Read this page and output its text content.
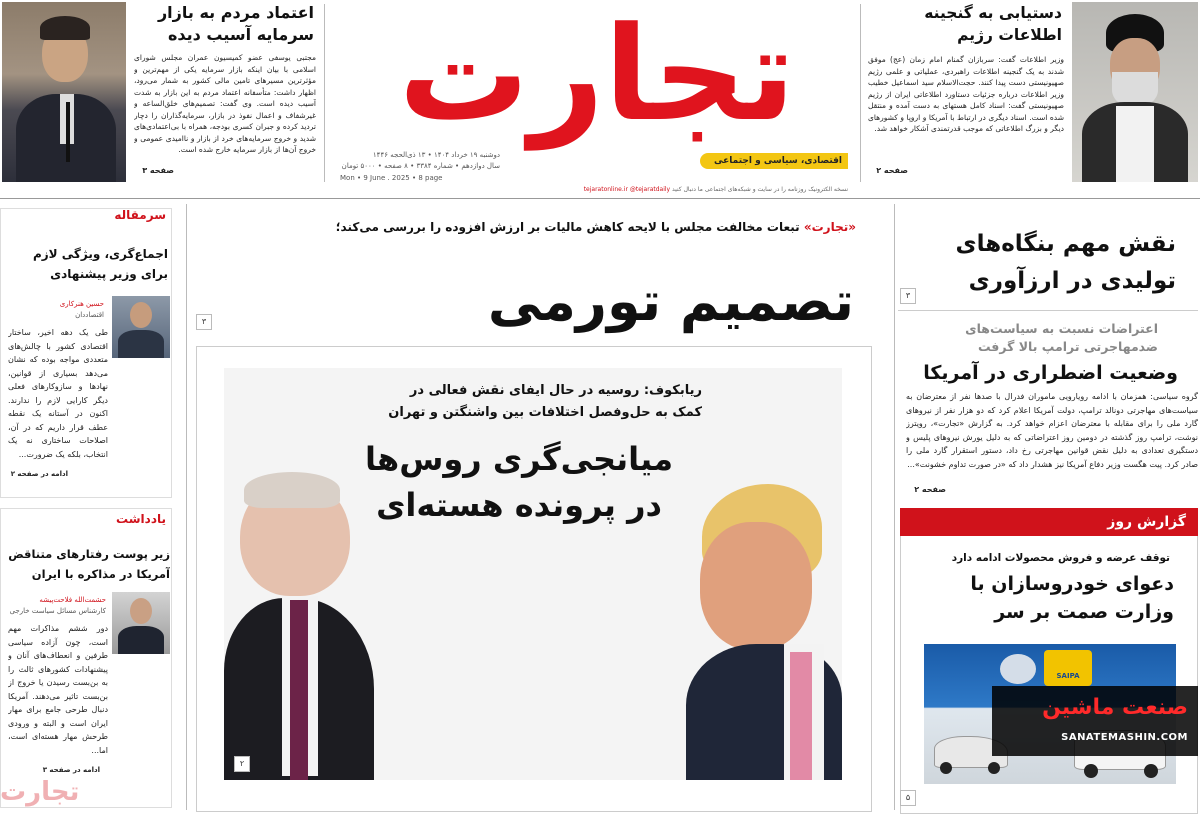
اعتماد مردم به بازار سرمایه آسیب دیده
مجتبی یوسفی عضو کمیسیون عمران مجلس شورای اسلامی با بیان اینکه بازار سرمایه یکی از مهم‌ترین و مؤثرترین مسیرهای تامین مالی کشور به شمار می‌رود، اظهار داشت: متأسفانه اعتماد مردم به این بازار به شدت آسیب دیده است. وی گفت: تصمیم‌های خلق‌الساعه و غیرشفاف و اعمال نفوذ در بازار، سرمایه‌گذاران را دچار تردید کرده و جبران کسری بودجه، همراه با بی‌اعتمادی‌های شدید و خروج سرمایه‌های خرد از بازار و ناامیدی عمومی و خروج آن‌ها از بازار سرمایه خارج شده است.
صفحه ۳
تجارت
اقتصادی، سیاسی و اجتماعی
دوشنبه ۱۹ خرداد ۱۴۰۴ • ۱۳ ذی‌الحجه ۱۴۴۶
سال دوازدهم • شماره ۳۳۸۴ • ۸ صفحه • ۵۰۰۰ تومان
Mon • 9 June . 2025 • 8 page
نسخه الکترونیک روزنامه را در سایت و شبکه‌های اجتماعی ما دنبال کنید tejaratonline.ir @tejaratdaily
دستیابی به گنجینه اطلاعات رژیم
وزیر اطلاعات گفت: سربازان گمنام امام زمان (عج) موفق شدند به یک گنجینه اطلاعات راهبردی، عملیاتی و علمی رژیم صهیونیستی دست پیدا کنند. حجت‌الاسلام سید اسماعیل خطیب وزیر اطلاعات درباره جزئیات دستاورد اطلاعاتی ایران از رژیم صهیونیستی گفت: اسناد کامل هستهای به دست آمده و منتقل شده است. اسناد دیگری در ارتباط با آمریکا و اروپا و کشورهای دیگر و بزرگ اطلاعاتی که موجب قدرتمندی آشکار خواهد شد.
صفحه ۲
سرمقاله
اجماع‌گری، ویژگی لازم برای وزیر پیشنهادی
حسین هنرکاری
اقتصاددان
طی یک دهه اخیر، ساختار اقتصادی کشور با چالش‌های متعددی مواجه بوده که نشان می‌دهد بسیاری از قوانین، نهادها و سازوکارهای فعلی دیگر کارایی لازم را ندارند. اکنون در آستانه یک نقطه عطف قرار داریم که در آن، اصلاحات ساختاری نه یک انتخاب، بلکه یک ضرورت...
ادامه در صفحه ۲
یادداشت
زیر پوست رفتارهای متناقض آمریکا در مذاکره با ایران
حشمت‌الله فلاحت‌پیشه
کارشناس مسائل سیاست خارجی
دور ششم مذاکرات مهم است، چون آزاده سیاسی طرفین و انعطاف‌های آنان و پیشنهادات کشورهای ثالث را به بن‌بست رسیدن یا خروج از بن‌بست تاثیر می‌دهند. آمریکا دنبال طرحی جامع برای مهار ایران است و البته و ورودی طرحش مهار هسته‌ای است، اما...
ادامه در صفحه ۳
تجارت
«تجارت» تبعات مخالفت مجلس با لایحه کاهش مالیات بر ارزش افزوده را بررسی می‌کند؛
تصمیم تورمی
۳
ریابکوف: روسیه در حال ایفای نقش فعالی در کمک به حل‌وفصل اختلافات بین واشنگتن و تهران
میانجی‌گری روس‌ها
در پرونده هسته‌ای
۲
نقش مهم بنگاه‌های تولیدی در ارزآوری
۳
اعتراضات نسبت به سیاست‌های ضدمهاجرتی ترامپ بالا گرفت
وضعیت اضطراری در آمریکا
گروه سیاسی: همزمان با ادامه رویارویی ماموران فدرال با صدها نفر از معترضان به سیاست‌های مهاجرتی دونالد ترامپ، دولت آمریکا اعلام کرد که دو هزار نفر از نیروهای گارد ملی را برای مقابله با معترضان اعزام خواهد کرد. به گزارش «تجارت»، رویترز نوشت، ترامپ روز گذشته در دومین روز اعتراضاتی که به دلیل یورش نیروهای پلیس و دستگیری تعدادی به دلیل نقض قوانین مهاجرتی رخ داد، دستور استقرار گارد ملی را صادر کرد. پیت هگست وزیر دفاع آمریکا نیز هشدار داد که «در صورت تداوم خشونت»...
صفحه ۲
گزارش روز
توقف عرضه و فروش محصولات ادامه دارد
دعوای خودروسازان با وزارت صمت بر سر
SAIPA
۵
صنعت ماشین
SANATEMASHIN.COM
